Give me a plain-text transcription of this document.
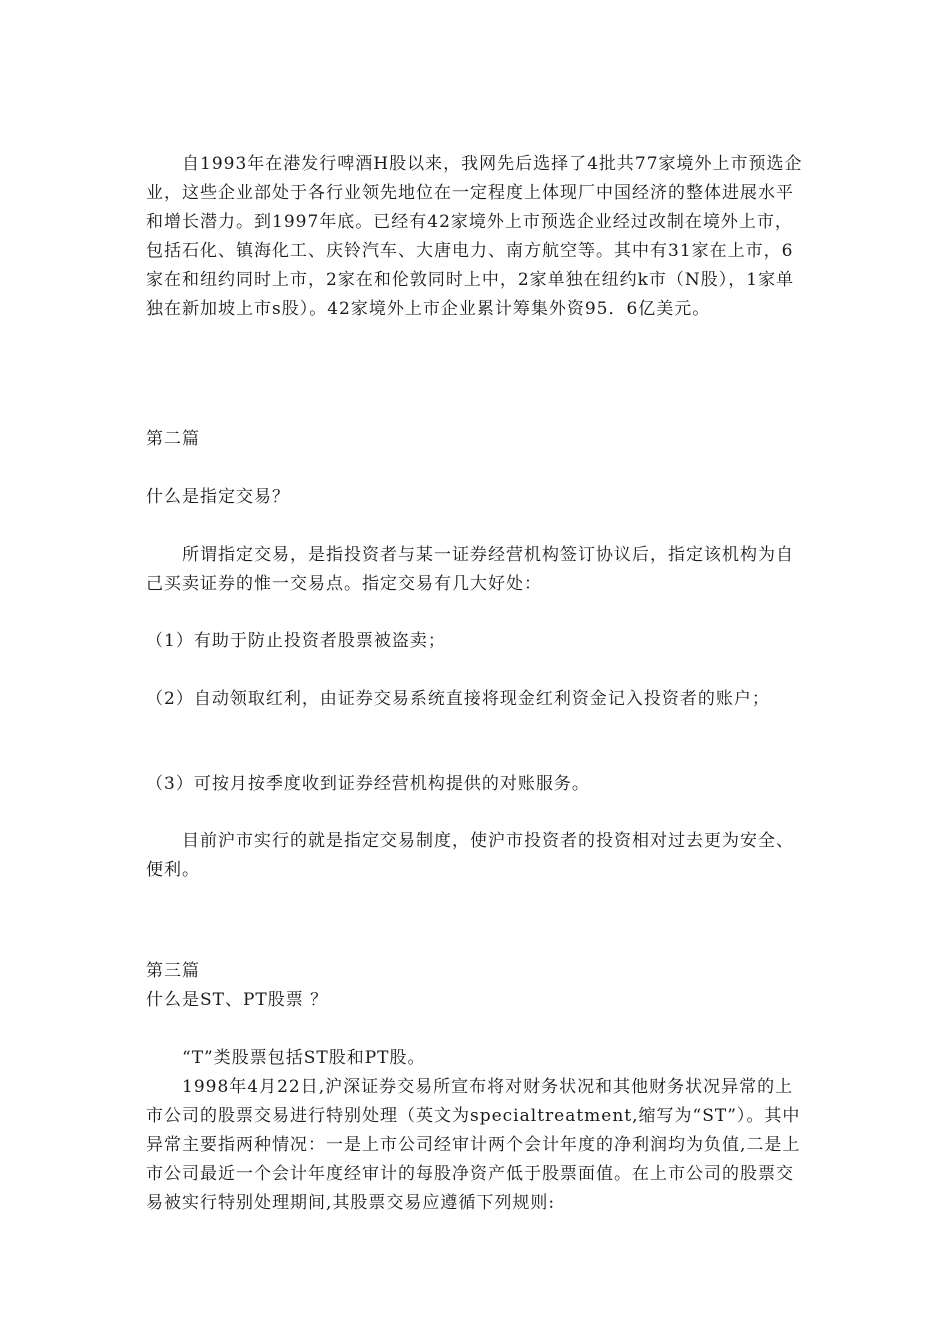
自1993年在港发行啤酒H股以来，我网先后选择了4批共77家境外上市预选企业，这些企业部处于各行业领先地位在一定程度上体现厂中国经济的整体进展水平和增长潜力。到1997年底。已经有42家境外上市预选企业经过改制在境外上市，包括石化、镇海化工、庆铃汽车、大唐电力、南方航空等。其中有31家在上市，6家在和纽约同时上市，2家在和伦敦同时上中，2家单独在纽约k市（N股），1家单独在新加坡上市s股）。42家境外上市企业累计筹集外资95．6亿美元。

第二篇

什么是指定交易？

所谓指定交易，是指投资者与某一证券经营机构签订协议后，指定该机构为自己买卖证券的惟一交易点。指定交易有几大好处：

（1）有助于防止投资者股票被盗卖；

（2）自动领取红利，由证券交易系统直接将现金红利资金记入投资者的账户；

（3）可按月按季度收到证券经营机构提供的对账服务。

目前沪市实行的就是指定交易制度，使沪市投资者的投资相对过去更为安全、便利。

第三篇

什么是ST、PT股票 ？

“T”类股票包括ST股和PT股。

1998年4月22日,沪深证券交易所宣布将对财务状况和其他财务状况异常的上市公司的股票交易进行特别处理（英文为specialtreatment,缩写为“ST”）。其中异常主要指两种情况：一是上市公司经审计两个会计年度的净利润均为负值,二是上市公司最近一个会计年度经审计的每股净资产低于股票面值。在上市公司的股票交易被实行特别处理期间,其股票交易应遵循下列规则:
